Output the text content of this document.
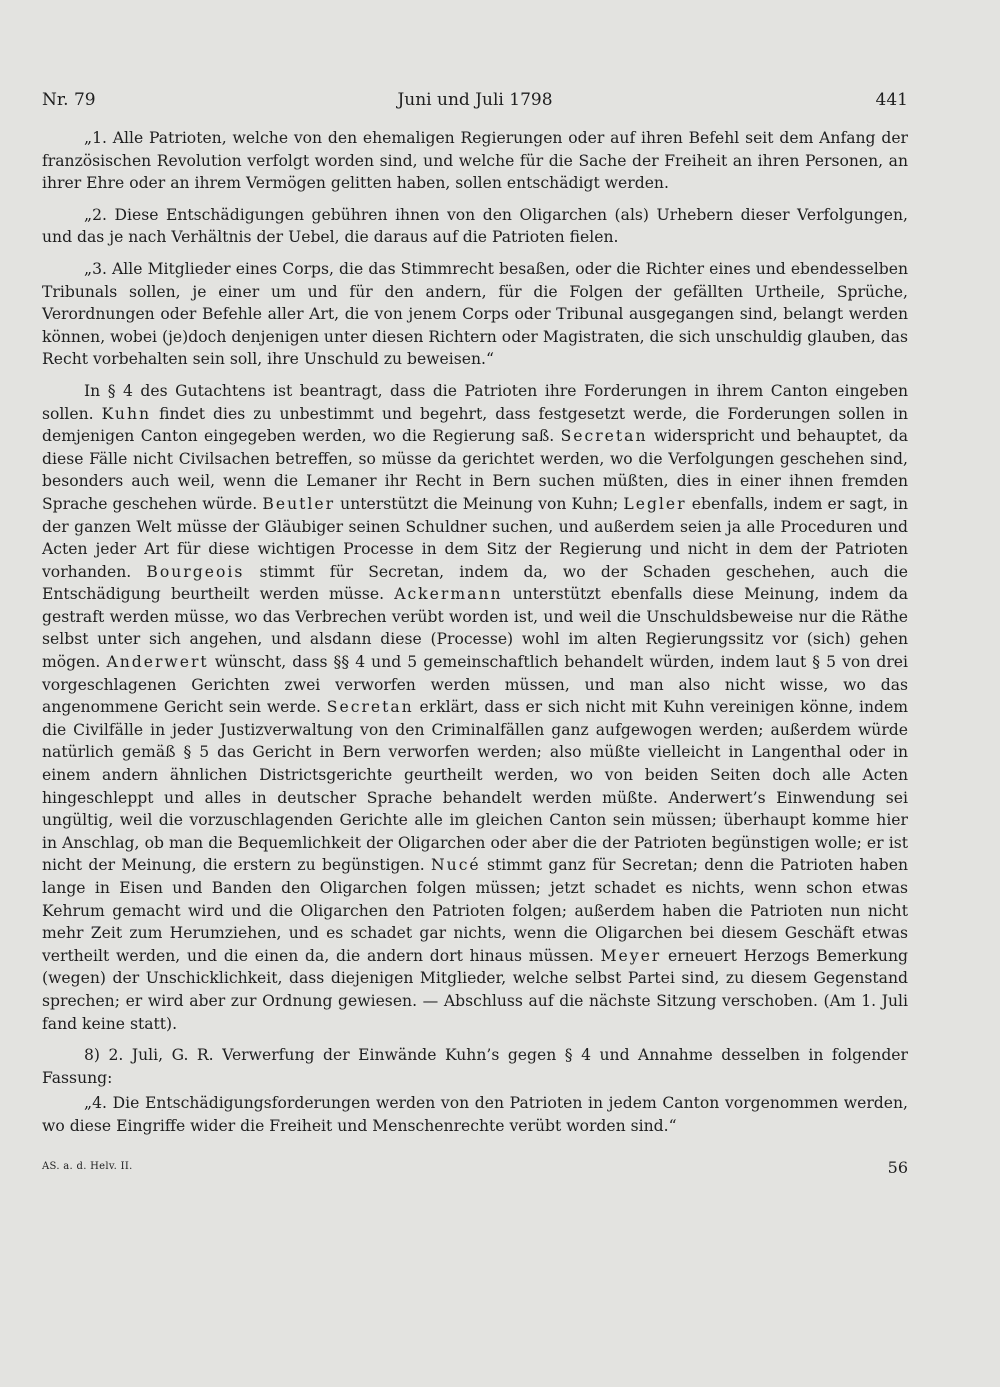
Nr. 79	Juni und Juli 1798	441

„1. Alle Patrioten, welche von den ehemaligen Regierungen oder auf ihren Befehl seit dem Anfang der französischen Revolution verfolgt worden sind, und welche für die Sache der Freiheit an ihren Personen, an ihrer Ehre oder an ihrem Vermögen gelitten haben, sollen entschädigt werden.

„2. Diese Entschädigungen gebühren ihnen von den Oligarchen (als) Urhebern dieser Verfolgungen, und das je nach Verhältnis der Uebel, die daraus auf die Patrioten fielen.

„3. Alle Mitglieder eines Corps, die das Stimmrecht besaßen, oder die Richter eines und ebendesselben Tribunals sollen, je einer um und für den andern, für die Folgen der gefällten Urtheile, Sprüche, Verordnungen oder Befehle aller Art, die von jenem Corps oder Tribunal ausgegangen sind, belangt werden können, wobei (je)doch denjenigen unter diesen Richtern oder Magistraten, die sich unschuldig glauben, das Recht vorbehalten sein soll, ihre Unschuld zu beweisen.“

In § 4 des Gutachtens ist beantragt, dass die Patrioten ihre Forderungen in ihrem Canton eingeben sollen. Kuhn findet dies zu unbestimmt und begehrt, dass festgesetzt werde, die Forderungen sollen in demjenigen Canton eingegeben werden, wo die Regierung saß. Secretan widerspricht und behauptet, da diese Fälle nicht Civilsachen betreffen, so müsse da gerichtet werden, wo die Verfolgungen geschehen sind, besonders auch weil, wenn die Lemaner ihr Recht in Bern suchen müßten, dies in einer ihnen fremden Sprache geschehen würde. Beutler unterstützt die Meinung von Kuhn; Legler ebenfalls, indem er sagt, in der ganzen Welt müsse der Gläubiger seinen Schuldner suchen, und außerdem seien ja alle Proceduren und Acten jeder Art für diese wichtigen Processe in dem Sitz der Regierung und nicht in dem der Patrioten vorhanden. Bourgeois stimmt für Secretan, indem da, wo der Schaden geschehen, auch die Entschädigung beurtheilt werden müsse. Ackermann unterstützt ebenfalls diese Meinung, indem da gestraft werden müsse, wo das Verbrechen verübt worden ist, und weil die Unschuldsbeweise nur die Räthe selbst unter sich angehen, und alsdann diese (Processe) wohl im alten Regierungssitz vor (sich) gehen mögen. Anderwert wünscht, dass §§ 4 und 5 gemeinschaftlich behandelt würden, indem laut § 5 von drei vorgeschlagenen Gerichten zwei verworfen werden müssen, und man also nicht wisse, wo das angenommene Gericht sein werde. Secretan erklärt, dass er sich nicht mit Kuhn vereinigen könne, indem die Civilfälle in jeder Justizverwaltung von den Criminalfällen ganz aufgewogen werden; außerdem würde natürlich gemäß § 5 das Gericht in Bern verworfen werden; also müßte vielleicht in Langenthal oder in einem andern ähnlichen Districtsgerichte geurtheilt werden, wo von beiden Seiten doch alle Acten hingeschleppt und alles in deutscher Sprache behandelt werden müßte. Anderwert’s Einwendung sei ungültig, weil die vorzuschlagenden Gerichte alle im gleichen Canton sein müssen; überhaupt komme hier in Anschlag, ob man die Bequemlichkeit der Oligarchen oder aber die der Patrioten begünstigen wolle; er ist nicht der Meinung, die erstern zu begünstigen. Nucé stimmt ganz für Secretan; denn die Patrioten haben lange in Eisen und Banden den Oligarchen folgen müssen; jetzt schadet es nichts, wenn schon etwas Kehrum gemacht wird und die Oligarchen den Patrioten folgen; außerdem haben die Patrioten nun nicht mehr Zeit zum Herumziehen, und es schadet gar nichts, wenn die Oligarchen bei diesem Geschäft etwas vertheilt werden, und die einen da, die andern dort hinaus müssen. Meyer erneuert Herzogs Bemerkung (wegen) der Unschicklichkeit, dass diejenigen Mitglieder, welche selbst Partei sind, zu diesem Gegenstand sprechen; er wird aber zur Ordnung gewiesen. — Abschluss auf die nächste Sitzung verschoben. (Am 1. Juli fand keine statt).

8) 2. Juli, G. R. Verwerfung der Einwände Kuhn’s gegen § 4 und Annahme desselben in folgender Fassung:

„4. Die Entschädigungsforderungen werden von den Patrioten in jedem Canton vorgenommen werden, wo diese Eingriffe wider die Freiheit und Menschenrechte verübt worden sind.“

AS. a. d. Helv. II.	56
